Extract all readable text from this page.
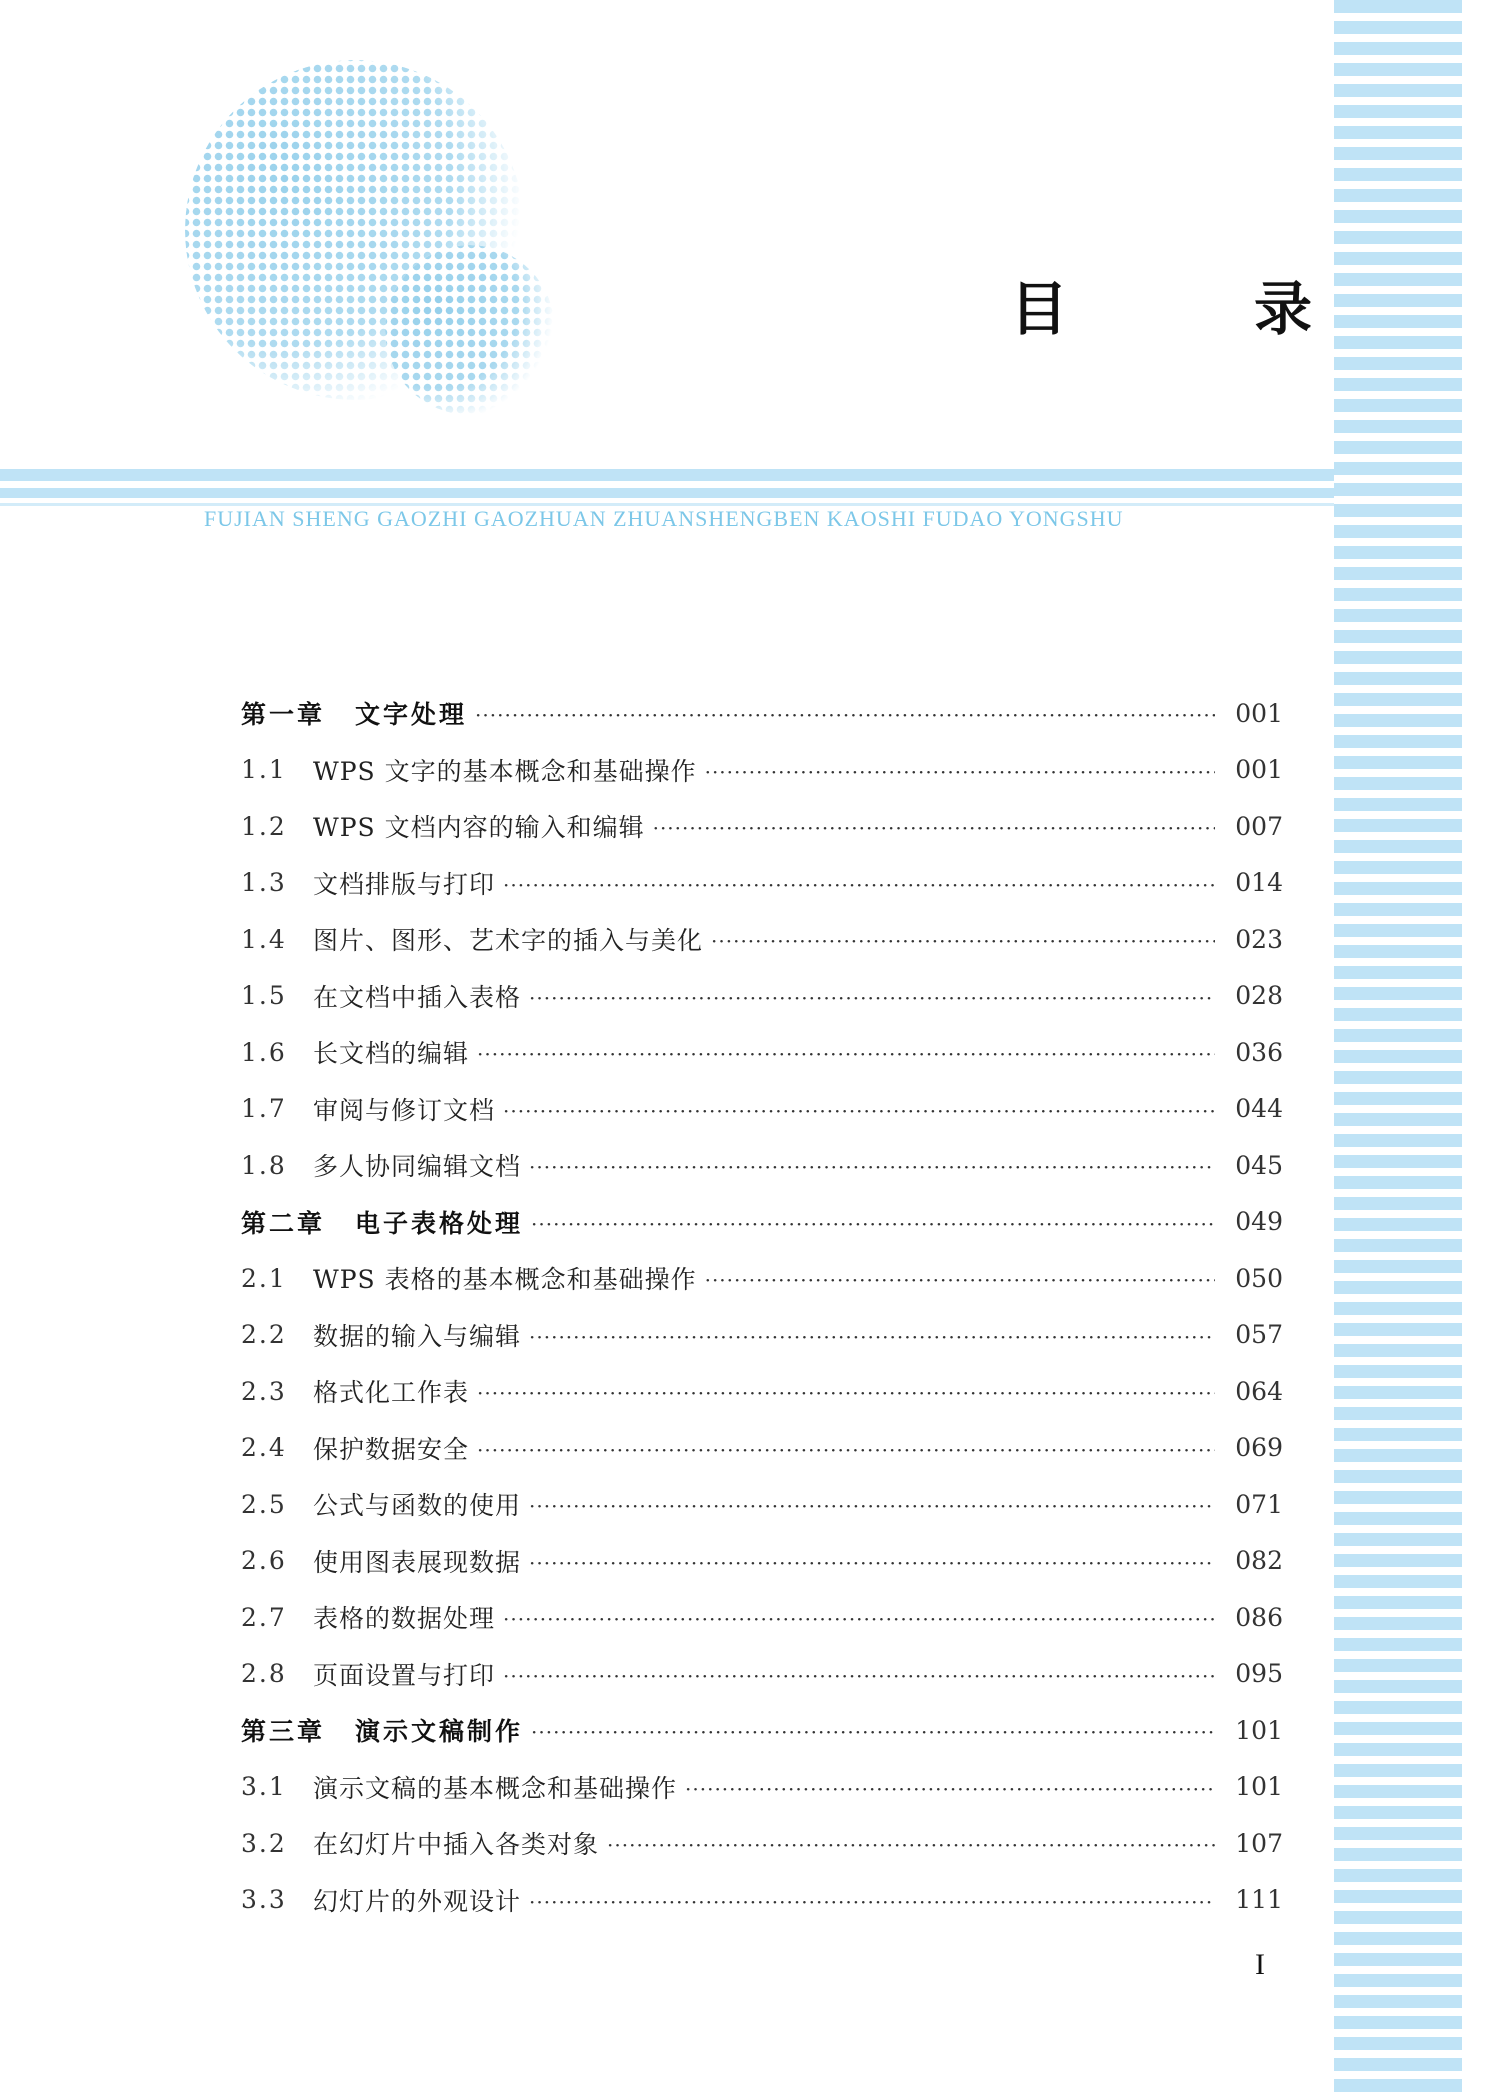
目　录
FUJIAN SHENG GAOZHI GAOZHUAN ZHUANSHENGBEN KAOSHI FUDAO YONGSHU
第一章 文字处理 ·····	001
1.1	WPS 文字的基本概念和基础操作 ·····	001
1.2	WPS 文档内容的输入和编辑 ·····	007
1.3	文档排版与打印 ·····	014
1.4	图片、图形、艺术字的插入与美化 ·····	023
1.5	在文档中插入表格 ·····	028
1.6	长文档的编辑 ·····	036
1.7	审阅与修订文档 ·····	044
1.8	多人协同编辑文档 ·····	045
第二章 电子表格处理 ·····	049
2.1	WPS 表格的基本概念和基础操作 ·····	050
2.2	数据的输入与编辑 ·····	057
2.3	格式化工作表 ·····	064
2.4	保护数据安全 ·····	069
2.5	公式与函数的使用 ·····	071
2.6	使用图表展现数据 ·····	082
2.7	表格的数据处理 ·····	086
2.8	页面设置与打印 ·····	095
第三章 演示文稿制作 ·····	101
3.1	演示文稿的基本概念和基础操作 ·····	101
3.2	在幻灯片中插入各类对象 ·····	107
3.3	幻灯片的外观设计 ·····	111
I
